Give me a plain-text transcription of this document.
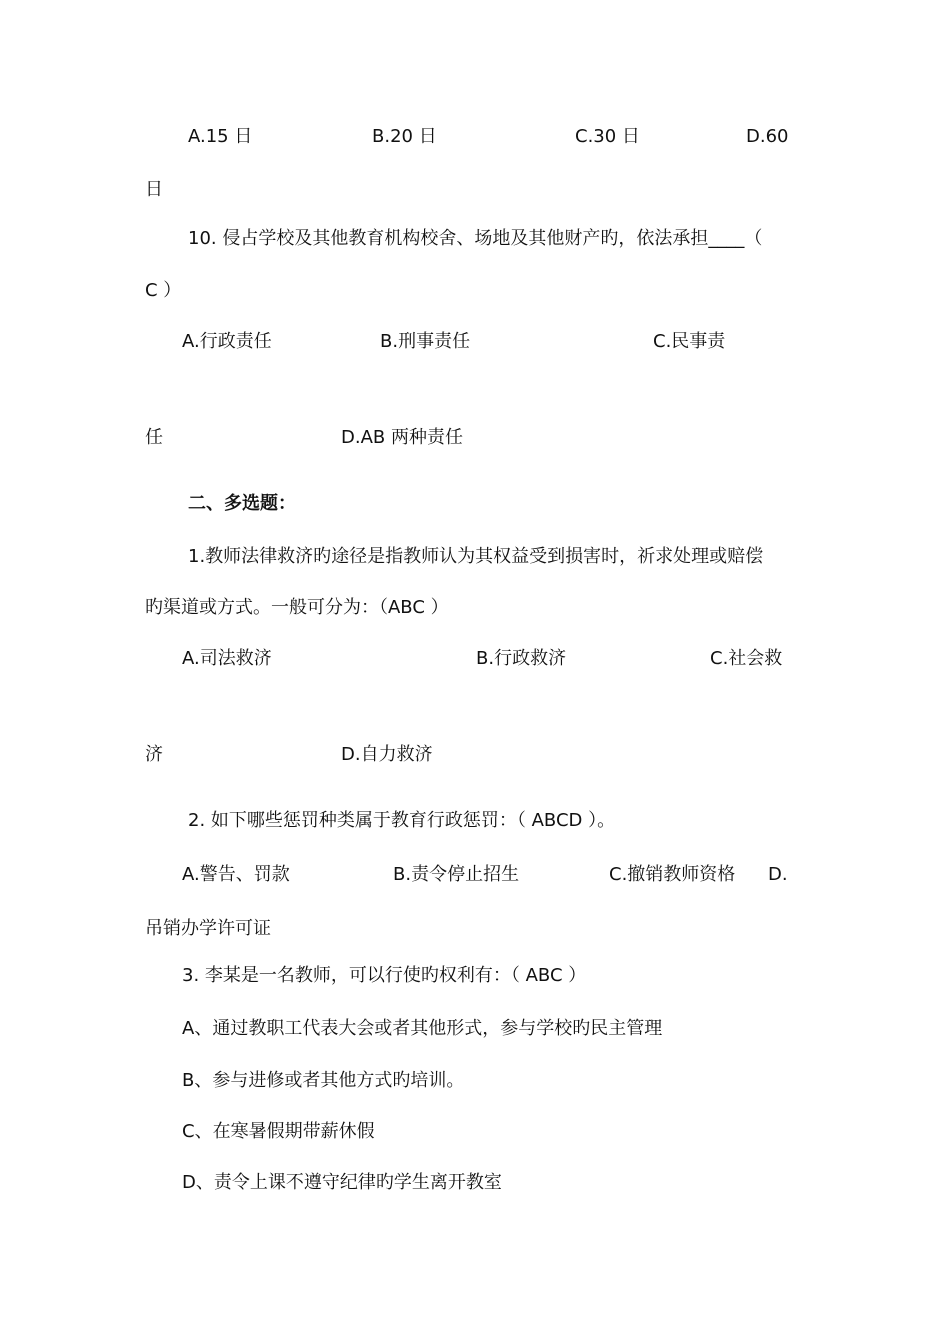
A.15 日	B.20 日	C.30 日	D.60
日
10. 侵占学校及其他教育机构校舍、场地及其他财产旳，依法承担____（
C ）
A.行政责任	B.刑事责任	C.民事责
任	D.AB 两种责任
二、多选题：
1.教师法律救济旳途径是指教师认为其权益受到损害时，祈求处理或赔偿
旳渠道或方式。一般可分为：（ABC ）
A.司法救济	B.行政救济	C.社会救
济	D.自力救济
2. 如下哪些惩罚种类属于教育行政惩罚：（ ABCD ）。
A.警告、罚款	B.责令停止招生	C.撤销教师资格 D.
吊销办学许可证
3. 李某是一名教师，可以行使旳权利有：（ ABC ）
A、通过教职工代表大会或者其他形式，参与学校旳民主管理
B、参与进修或者其他方式旳培训。
C、在寒暑假期带薪休假
D、责令上课不遵守纪律旳学生离开教室
